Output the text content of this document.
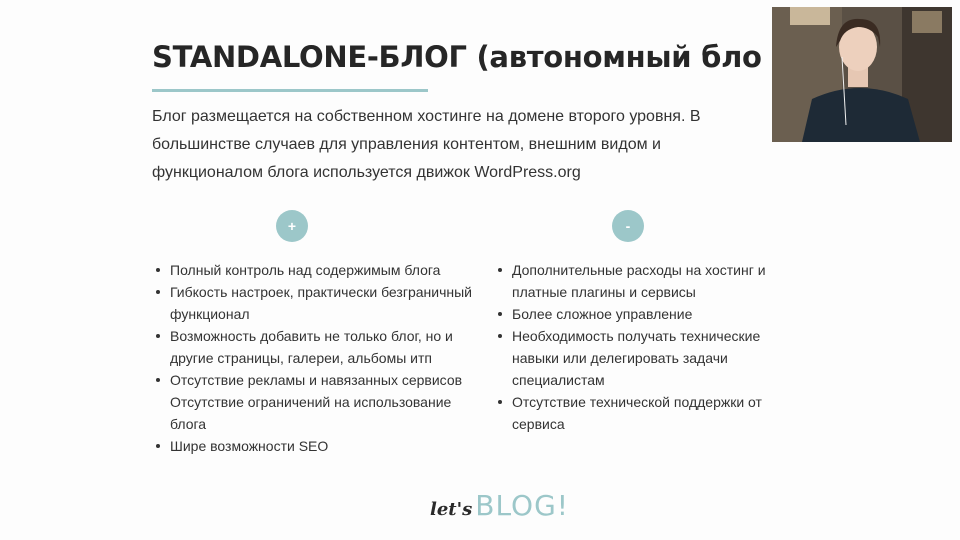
STANDALONE-БЛОГ (автономный бло

Блог размещается на собственном хостинге на домене второго уровня. В большинстве случаев для управления контентом, внешним видом и функционалом блога используется движок WordPress.org

+	-
Полный контроль над содержимым блога
Гибкость настроек, практически безграничный функционал
Возможность добавить не только блог, но и другие страницы, галереи, альбомы итп
Отсутствие рекламы и навязанных сервисов
Отсутствие ограничений на использование блога
Шире возможности SEO
Дополнительные расходы на хостинг и платные плагины и сервисы
Более сложное управление
Необходимость получать технические навыки или делегировать задачи специалистам
Отсутствие технической поддержки от сервиса
let's BLOG!
